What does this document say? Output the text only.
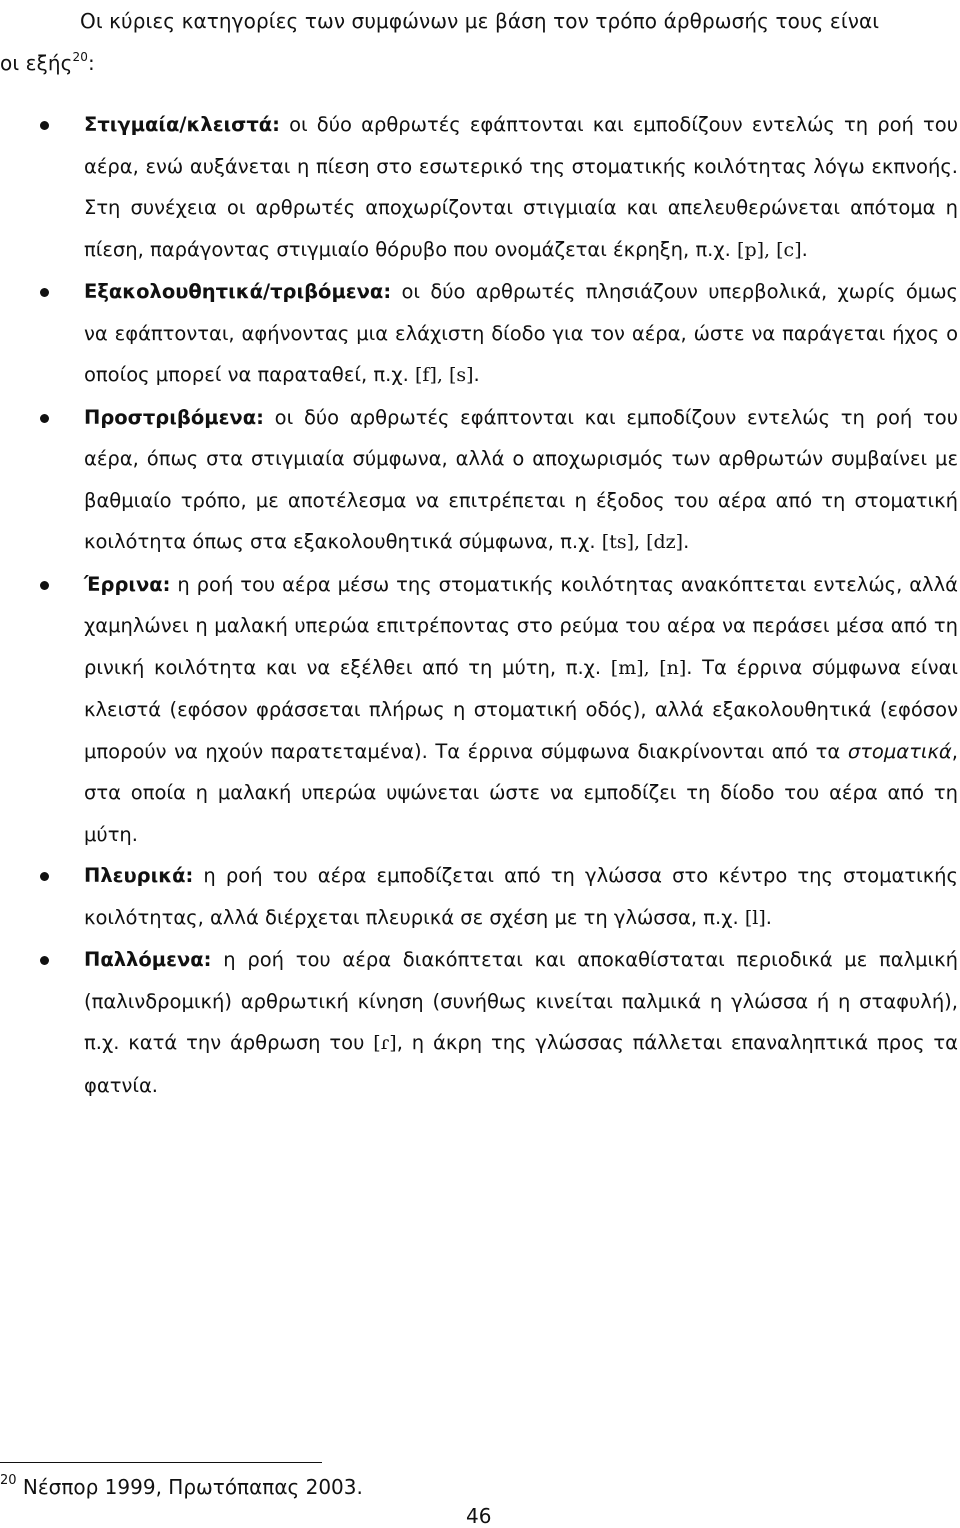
Οι κύριες κατηγορίες των συμφώνων με βάση τον τρόπο άρθρωσής τους είναι
οι εξής$^{20}$:
Στιγμαία/κλειστά: οι δύο αρθρωτές εφάπτονται και εμποδίζουν εντελώς τη ροή του αέρα, ενώ αυξάνεται η πίεση στο εσωτερικό της στοματικής κοιλότητας λόγω εκπνοής. Στη συνέχεια οι αρθρωτές αποχωρίζονται στιγμιαία και απελευθερώνεται απότομα η πίεση, παράγοντας στιγμιαίο θόρυβο που ονομάζεται έκρηξη, π.χ. [p], [c].
Εξακολουθητικά/τριβόμενα: οι δύο αρθρωτές πλησιάζουν υπερβολικά, χωρίς όμως να εφάπτονται, αφήνοντας μια ελάχιστη δίοδο για τον αέρα, ώστε να παράγεται ήχος ο οποίος μπορεί να παραταθεί, π.χ. [f], [s].
Προστριβόμενα: οι δύο αρθρωτές εφάπτονται και εμποδίζουν εντελώς τη ροή του αέρα, όπως στα στιγμιαία σύμφωνα, αλλά ο αποχωρισμός των αρθρωτών συμβαίνει με βαθμιαίο τρόπο, με αποτέλεσμα να επιτρέπεται η έξοδος του αέρα από τη στοματική κοιλότητα όπως στα εξακολουθητικά σύμφωνα, π.χ. [ts], [dz].
Έρρινα: η ροή του αέρα μέσω της στοματικής κοιλότητας ανακόπτεται εντελώς, αλλά χαμηλώνει η μαλακή υπερώα επιτρέποντας στο ρεύμα του αέρα να περάσει μέσα από τη ρινική κοιλότητα και να εξέλθει από τη μύτη, π.χ. [m], [n]. Τα έρρινα σύμφωνα είναι κλειστά (εφόσον φράσσεται πλήρως η στοματική οδός), αλλά εξακολουθητικά (εφόσον μπορούν να ηχούν παρατεταμένα). Τα έρρινα σύμφωνα διακρίνονται από τα στοματικά, στα οποία η μαλακή υπερώα υψώνεται ώστε να εμποδίζει τη δίοδο του αέρα από τη μύτη.
Πλευρικά: η ροή του αέρα εμποδίζεται από τη γλώσσα στο κέντρο της στοματικής κοιλότητας, αλλά διέρχεται πλευρικά σε σχέση με τη γλώσσα, π.χ. [l].
Παλλόμενα: η ροή του αέρα διακόπτεται και αποκαθίσταται περιοδικά με παλμική (παλινδρομική) αρθρωτική κίνηση (συνήθως κινείται παλμικά η γλώσσα ή η σταφυλή), π.χ. κατά την άρθρωση του [ɾ], η άκρη της γλώσσας πάλλεται επαναληπτικά προς τα φατνία.
$^{20}$ Νέσπορ 1999, Πρωτόπαπας 2003.
46
